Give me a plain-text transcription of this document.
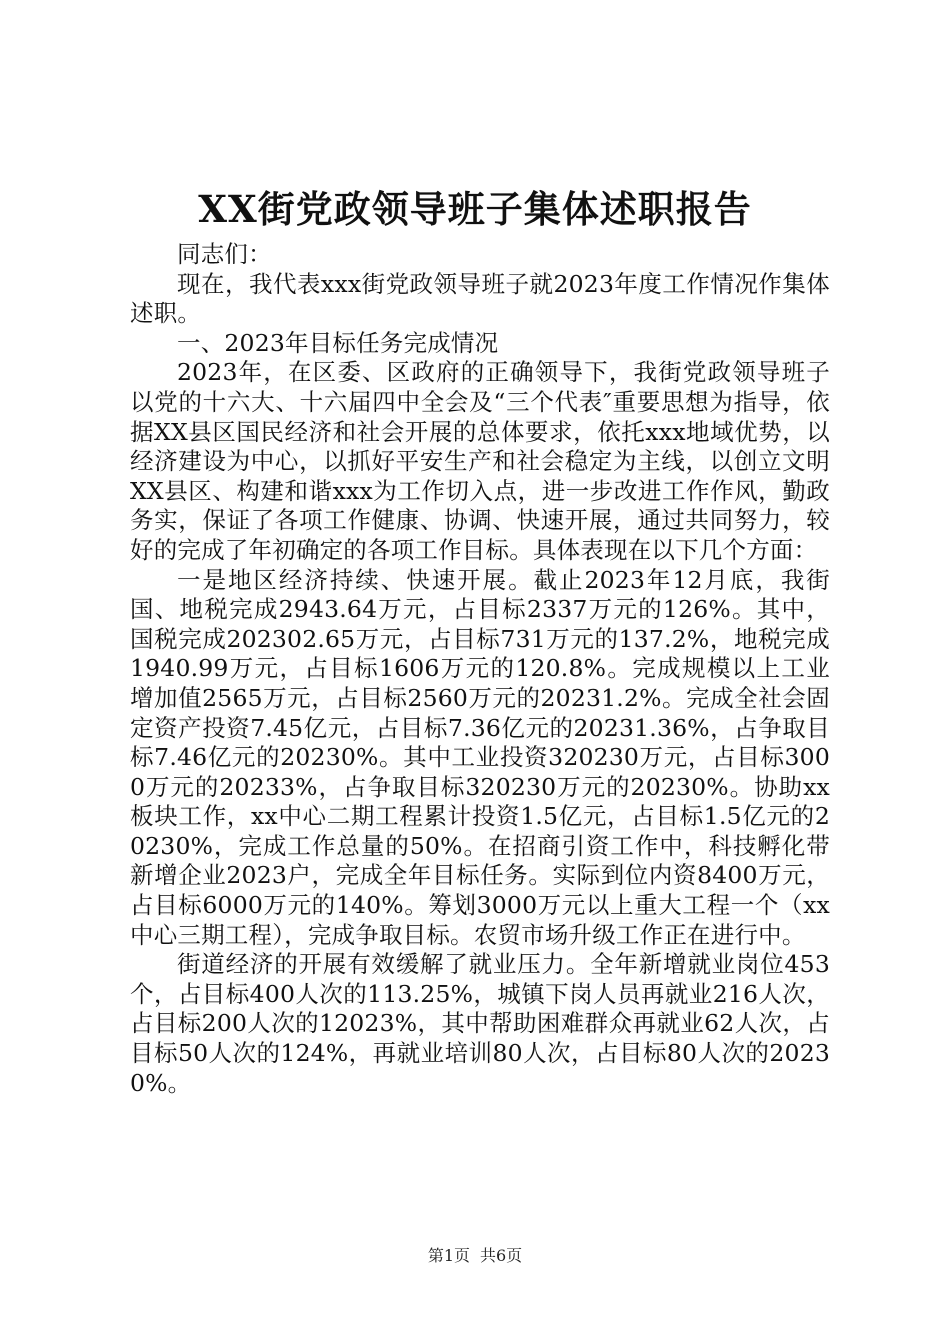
XX街党政领导班子集体述职报告

同志们：

现在，我代表xxx街党政领导班子就2023年度工作情况作集体述职。

一、2023年目标任务完成情况

2023年，在区委、区政府的正确领导下，我街党政领导班子以党的十六大、十六届四中全会及“三个代表″重要思想为指导，依据XX县区国民经济和社会开展的总体要求，依托xxx地域优势，以经济建设为中心，以抓好平安生产和社会稳定为主线，以创立文明XX县区、构建和谐xxx为工作切入点，进一步改进工作作风，勤政务实，保证了各项工作健康、协调、快速开展，通过共同努力，较好的完成了年初确定的各项工作目标。具体表现在以下几个方面：

一是地区经济持续、快速开展。截止2023年12月底，我街国、地税完成2943.64万元，占目标2337万元的126%。其中，国税完成202302.65万元，占目标731万元的137.2%，地税完成1940.99万元，占目标1606万元的120.8%。完成规模以上工业增加值2565万元，占目标2560万元的20231.2%。完成全社会固定资产投资7.45亿元，占目标7.36亿元的20231.36%，占争取目标7.46亿元的20230%。其中工业投资320230万元，占目标3000万元的20233%，占争取目标320230万元的20230%。协助xx板块工作，xx中心二期工程累计投资1.5亿元，占目标1.5亿元的20230%，完成工作总量的50%。在招商引资工作中，科技孵化带新增企业2023户，完成全年目标任务。实际到位内资8400万元，占目标6000万元的140%。筹划3000万元以上重大工程一个（xx中心三期工程），完成争取目标。农贸市场升级工作正在进行中。

街道经济的开展有效缓解了就业压力。全年新增就业岗位453个，占目标400人次的113.25%，城镇下岗人员再就业216人次，占目标200人次的12023%，其中帮助困难群众再就业62人次，占目标50人次的124%，再就业培训80人次，占目标80人次的20230%。

第1页 共6页
